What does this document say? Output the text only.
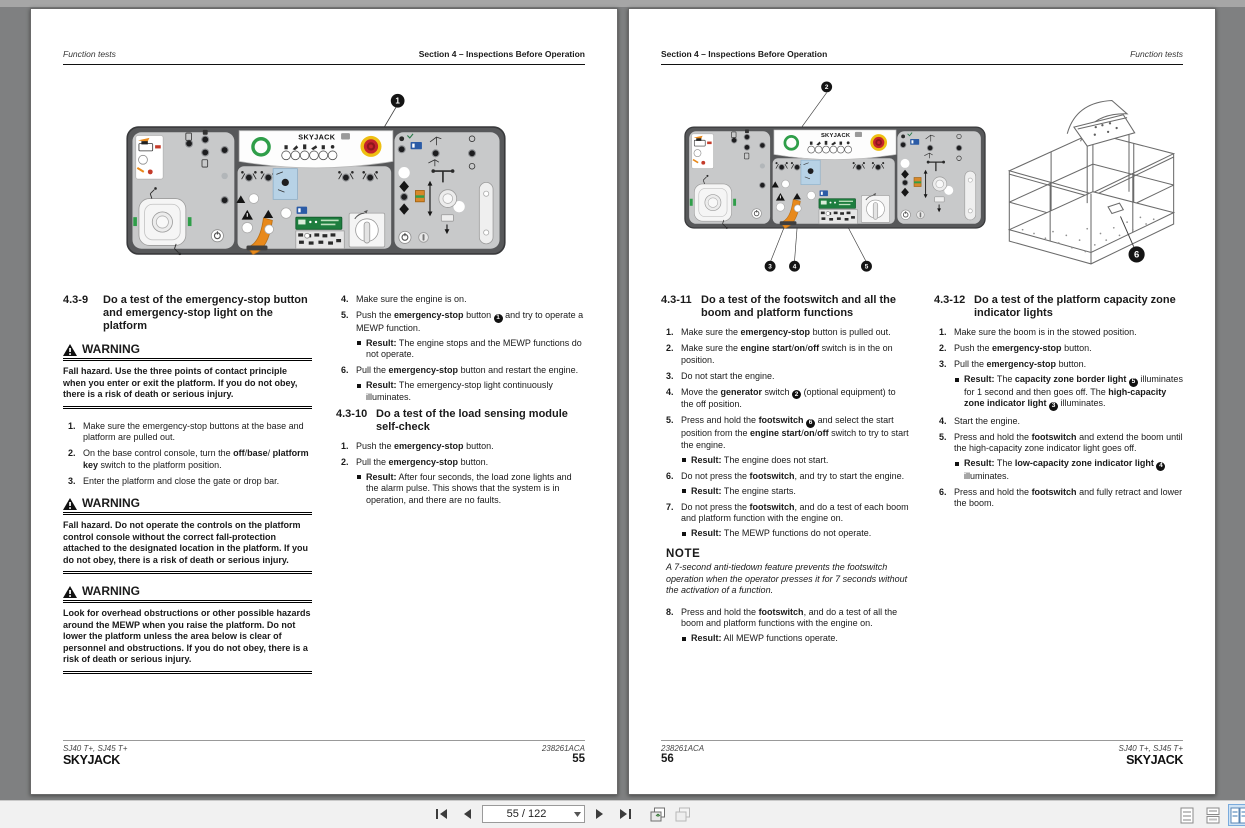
Function tests	Section 4 – Inspections Before Operation
1
4.3-9	Do a test of the emergency-stop button and emergency-stop light on the platform
WARNING
Fall hazard. Use the three points of contact principle when you enter or exit the platform. If you do not obey, there is a risk of death or serious injury.
1. Make sure the emergency-stop buttons at the base and platform are pulled out.
2. On the base control console, turn the off/base/ platform key switch to the platform position.
3. Enter the platform and close the gate or drop bar.
WARNING
Fall hazard. Do not operate the controls on the platform control console without the correct fall-protection attached to the designated location in the platform. If you do not obey, there is a risk of death or serious injury.
WARNING
Look for overhead obstructions or other possible hazards around the MEWP when you raise the platform. Do not lower the platform unless the area below is clear of personnel and obstructions. If you do not obey, there is a risk of death or serious injury.
4. Make sure the engine is on.
5. Push the emergency-stop button 1 and try to operate a MEWP function.
Result: The engine stops and the MEWP functions do not operate.
6. Pull the emergency-stop button and restart the engine.
Result: The emergency-stop light continuously illuminates.
4.3-10 Do a test of the load sensing module self-check
1. Push the emergency-stop button.
2. Pull the emergency-stop button.
Result: After four seconds, the load zone lights and the alarm pulse. This shows that the system is in operation, and there are no faults.
SJ40 T+, SJ45 T+
SKYJACK
238261ACA
55
Section 4 – Inspections Before Operation	Function tests
2
3 4	5
6
4.3-11 Do a test of the footswitch and all the boom and platform functions
1. Make sure the emergency-stop button is pulled out.
2. Make sure the engine start/on/off switch is in the on position.
3. Do not start the engine.
4. Move the generator switch 2 (optional equipment) to the off position.
5. Press and hold the footswitch 6 and select the start position from the engine start/on/off switch to try to start the engine.
Result: The engine does not start.
6. Do not press the footswitch, and try to start the engine.
Result: The engine starts.
7. Do not press the footswitch, and do a test of each boom and platform function with the engine on.
Result: The MEWP functions do not operate.
NOTE
A 7-second anti-tiedown feature prevents the footswitch operation when the operator presses it for 7 seconds without the activation of a function.
8. Press and hold the footswitch, and do a test of all the boom and platform functions with the engine on.
Result: All MEWP functions operate.
4.3-12 Do a test of the platform capacity zone indicator lights
1. Make sure the boom is in the stowed position.
2. Push the emergency-stop button.
3. Pull the emergency-stop button.
Result: The capacity zone border light 5 illuminates for 1 second and then goes off. The high-capacity zone indicator light 3 illuminates.
4. Start the engine.
5. Press and hold the footswitch and extend the boom until the high-capacity zone indicator light goes off.
Result: The low-capacity zone indicator light 4 illuminates.
6. Press and hold the footswitch and fully retract and lower the boom.
238261ACA
56
SJ40 T+, SJ45 T+
SKYJACK
55 / 122
